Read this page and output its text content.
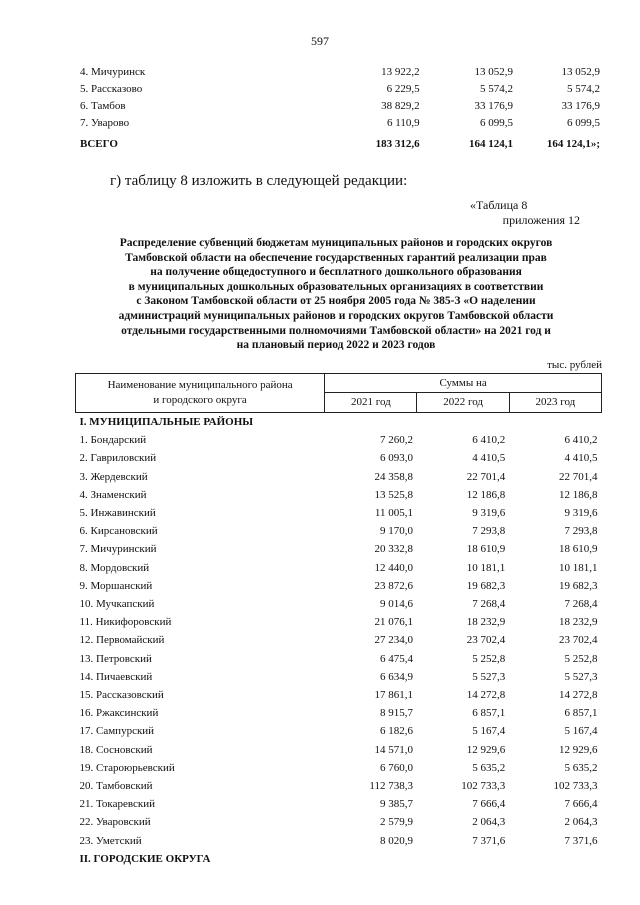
597
4. Мичуринск	13 922,2	13 052,9	13 052,9
5. Рассказово	6 229,5	5 574,2	5 574,2
6. Тамбов	38 829,2	33 176,9	33 176,9
7. Уварово	6 110,9	6 099,5	6 099,5
ВСЕГО	183 312,6	164 124,1	164 124,1»;
г) таблицу 8 изложить в следующей редакции:
«Таблица 8
приложения 12
Распределение субвенций бюджетам муниципальных районов и городских округов
Тамбовской области на обеспечение государственных гарантий реализации прав
на получение общедоступного и бесплатного дошкольного образования
в муниципальных дошкольных образовательных организациях в соответствии
с Законом Тамбовской области от 25 ноября 2005 года № 385-З «О наделении
администраций муниципальных районов и городских округов Тамбовской области
отдельными государственными полномочиями Тамбовской области» на 2021 год и
на плановый период 2022 и 2023 годов
тыс. рублей
Наименование муниципального района
и городского округа	Суммы на		
	2021 год	2022 год	2023 год
I. МУНИЦИПАЛЬНЫЕ РАЙОНЫ			
1. Бондарский	7 260,2	6 410,2	6 410,2
2. Гавриловский	6 093,0	4 410,5	4 410,5
3. Жердевский	24 358,8	22 701,4	22 701,4
4. Знаменский	13 525,8	12 186,8	12 186,8
5. Инжавинский	11 005,1	9 319,6	9 319,6
6. Кирсановский	9 170,0	7 293,8	7 293,8
7. Мичуринский	20 332,8	18 610,9	18 610,9
8. Мордовский	12 440,0	10 181,1	10 181,1
9. Моршанский	23 872,6	19 682,3	19 682,3
10. Мучкапский	9 014,6	7 268,4	7 268,4
11. Никифоровский	21 076,1	18 232,9	18 232,9
12. Первомайский	27 234,0	23 702,4	23 702,4
13. Петровский	6 475,4	5 252,8	5 252,8
14. Пичаевский	6 634,9	5 527,3	5 527,3
15. Рассказовский	17 861,1	14 272,8	14 272,8
16. Ржаксинский	8 915,7	6 857,1	6 857,1
17. Сампурский	6 182,6	5 167,4	5 167,4
18. Сосновский	14 571,0	12 929,6	12 929,6
19. Староюрьевский	6 760,0	5 635,2	5 635,2
20. Тамбовский	112 738,3	102 733,3	102 733,3
21. Токаревский	9 385,7	7 666,4	7 666,4
22. Уваровский	2 579,9	2 064,3	2 064,3
23. Уметский	8 020,9	7 371,6	7 371,6
II. ГОРОДСКИЕ ОКРУГА			
